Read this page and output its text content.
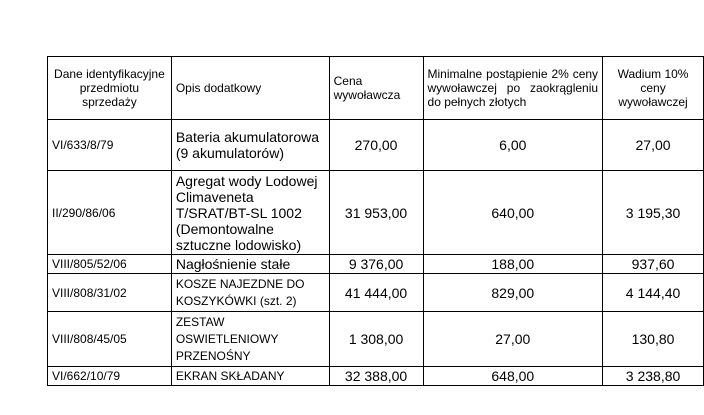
Dane identyfikacyjne przedmiotu sprzedaży	Opis dodatkowy	Cena wywoławcza	Minimalne postąpienie 2% ceny wywoławczej po zaokrągleniu do pełnych złotych	Wadium 10% ceny wywoławczej
VI/633/8/79	Bateria akumulatorowa (9 akumulatorów)	270,00	6,00	27,00
II/290/86/06	Agregat wody Lodowej Climaveneta T/SRAT/BT-SL 1002 (Demontowalne sztuczne lodowisko)	31 953,00	640,00	3 195,30
VIII/805/52/06	Nagłośnienie stałe	9 376,00	188,00	937,60
VIII/808/31/02	KOSZE NAJEZDNE DO KOSZYKÓWKI (szt. 2)	41 444,00	829,00	4 144,40
VIII/808/45/05	ZESTAW OSWIETLENIOWY PRZENOŚNY	1 308,00	27,00	130,80
VI/662/10/79	EKRAN SKŁADANY	32 388,00	648,00	3 238,80
